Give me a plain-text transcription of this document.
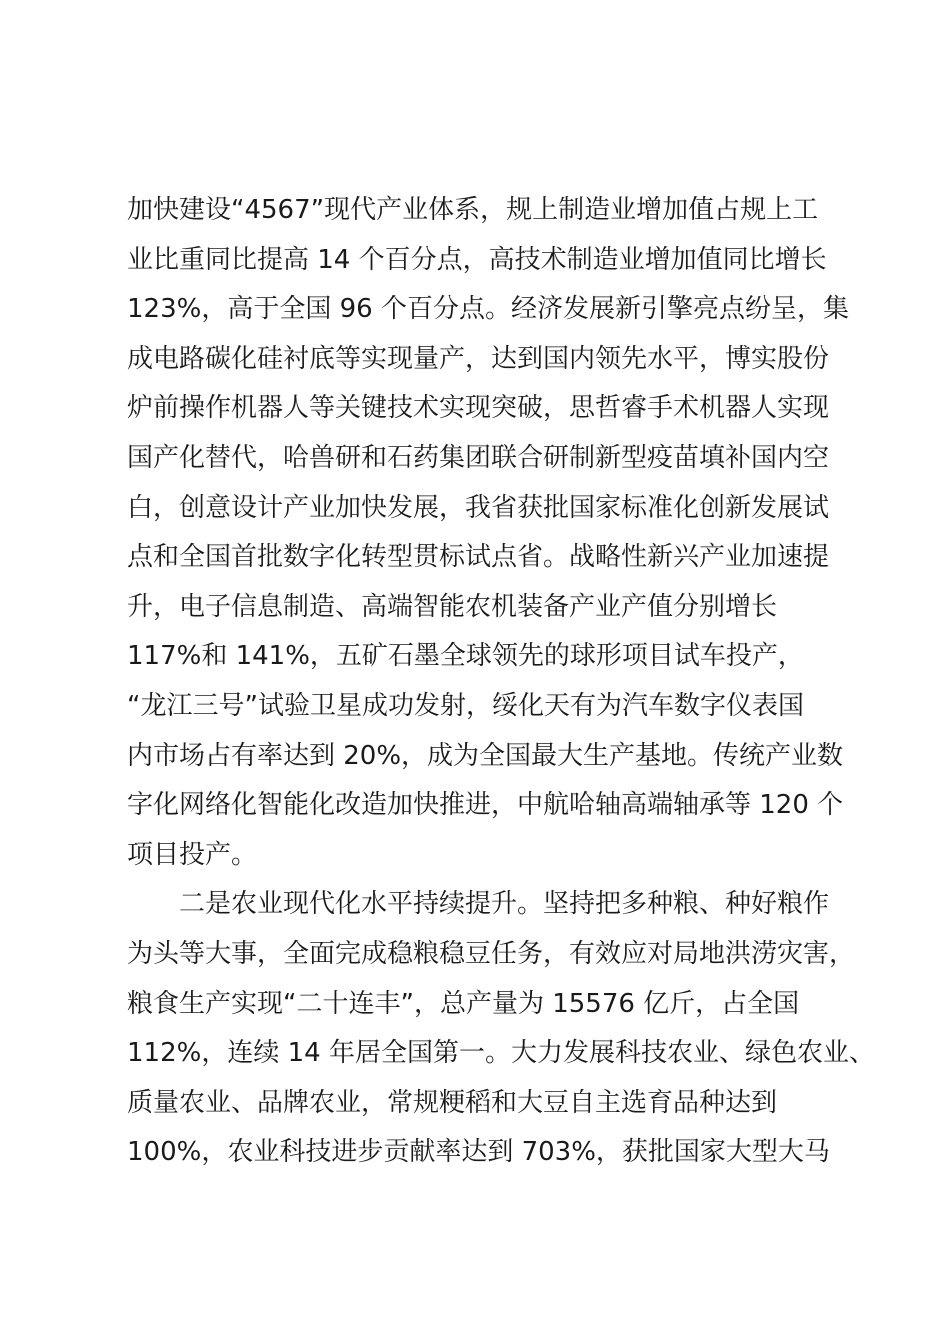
加快建设“4567”现代产业体系，规上制造业增加值占规上工
业比重同比提高 14 个百分点，高技术制造业增加值同比增长
123%，高于全国 96 个百分点。经济发展新引擎亮点纷呈，集
成电路碳化硅衬底等实现量产，达到国内领先水平，博实股份
炉前操作机器人等关键技术实现突破，思哲睿手术机器人实现
国产化替代，哈兽研和石药集团联合研制新型疫苗填补国内空
白，创意设计产业加快发展，我省获批国家标准化创新发展试
点和全国首批数字化转型贯标试点省。战略性新兴产业加速提
升，电子信息制造、高端智能农机装备产业产值分别增长
117%和 141%，五矿石墨全球领先的球形项目试车投产，
“龙江三号”试验卫星成功发射，绥化天有为汽车数字仪表国
内市场占有率达到 20%，成为全国最大生产基地。传统产业数
字化网络化智能化改造加快推进，中航哈轴高端轴承等 120 个
项目投产。
二是农业现代化水平持续提升。坚持把多种粮、种好粮作
为头等大事，全面完成稳粮稳豆任务，有效应对局地洪涝灾害，
粮食生产实现“二十连丰”，总产量为 15576 亿斤，占全国
112%，连续 14 年居全国第一。大力发展科技农业、绿色农业、
质量农业、品牌农业，常规粳稻和大豆自主选育品种达到
100%，农业科技进步贡献率达到 703%，获批国家大型大马
